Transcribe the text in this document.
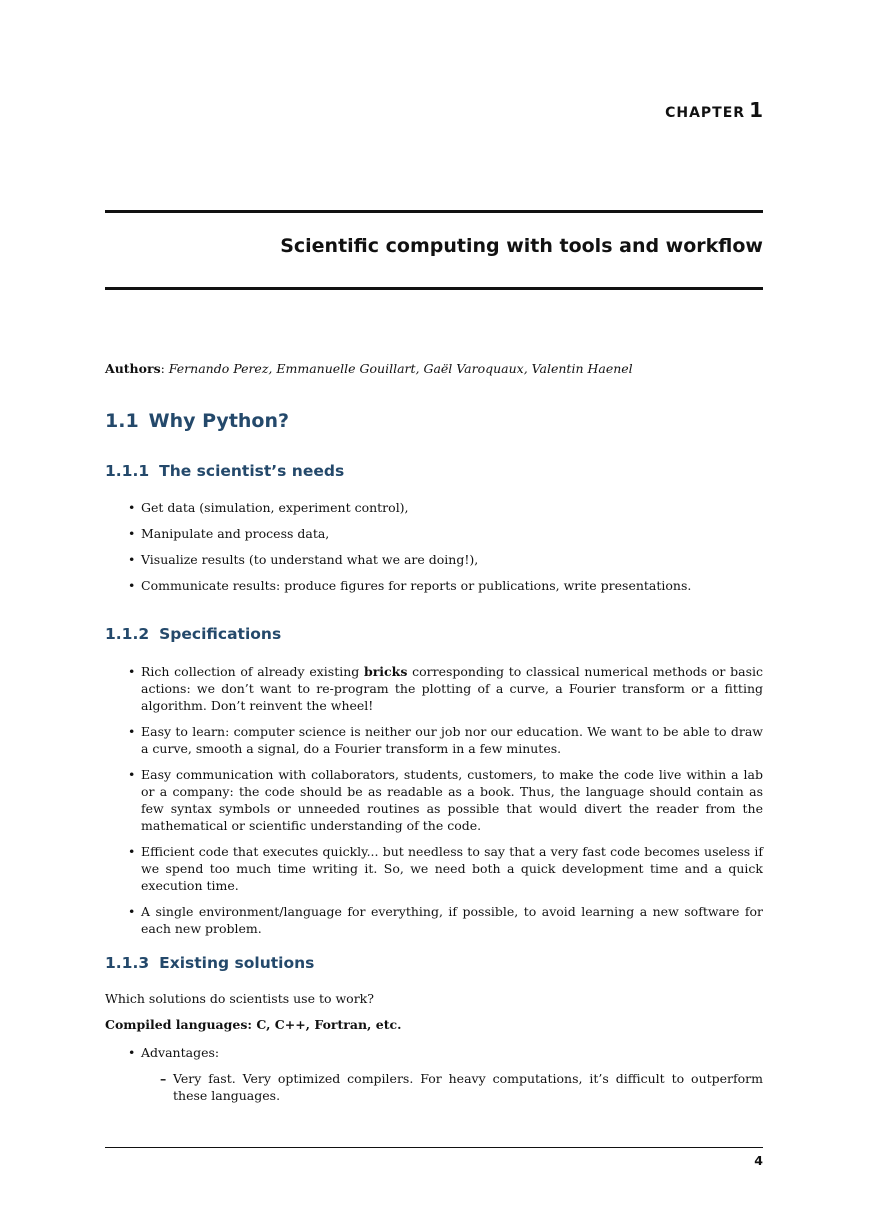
CHAPTER 1
Scientific computing with tools and workflow
Authors: Fernando Perez, Emmanuelle Gouillart, Gaël Varoquaux, Valentin Haenel
1.1 Why Python?
1.1.1 The scientist’s needs
• Get data (simulation, experiment control),
• Manipulate and process data,
• Visualize results (to understand what we are doing!),
• Communicate results: produce figures for reports or publications, write presentations.
1.1.2 Specifications
• Rich collection of already existing bricks corresponding to classical numerical methods or basic actions: we don’t want to re-program the plotting of a curve, a Fourier transform or a fitting algorithm. Don’t reinvent the wheel!
• Easy to learn: computer science is neither our job nor our education. We want to be able to draw a curve, smooth a signal, do a Fourier transform in a few minutes.
• Easy communication with collaborators, students, customers, to make the code live within a lab or a company: the code should be as readable as a book. Thus, the language should contain as few syntax symbols or unneeded routines as possible that would divert the reader from the mathematical or scientific understanding of the code.
• Efficient code that executes quickly... but needless to say that a very fast code becomes useless if we spend too much time writing it. So, we need both a quick development time and a quick execution time.
• A single environment/language for everything, if possible, to avoid learning a new software for each new problem.
1.1.3 Existing solutions
Which solutions do scientists use to work?
Compiled languages: C, C++, Fortran, etc.
• Advantages:
– Very fast. Very optimized compilers. For heavy computations, it’s difficult to outperform these languages.
4
